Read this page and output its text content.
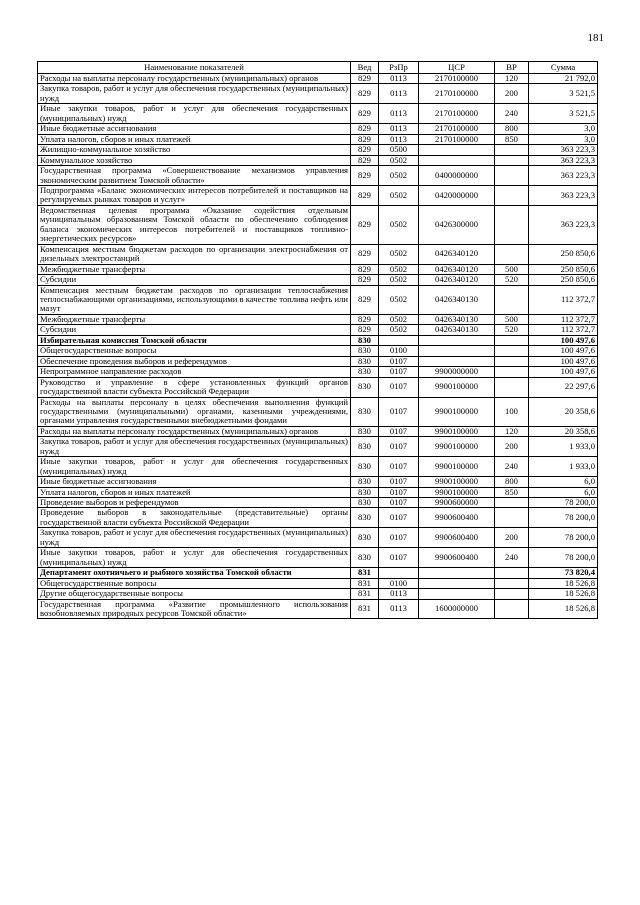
181
Наименование показателей	Вед	РзПр	ЦСР	ВР	Сумма
Расходы на выплаты персоналу государственных (муниципальных) органов	829	0113	2170100000	120	21 792,0
Закупка товаров, работ и услуг для обеспечения государственных (муниципальных) нужд	829	0113	2170100000	200	3 521,5
Иные закупки товаров, работ и услуг для обеспечения государственных (муниципальных) нужд	829	0113	2170100000	240	3 521,5
Иные бюджетные ассигнования	829	0113	2170100000	800	3,0
Уплата налогов, сборов и иных платежей	829	0113	2170100000	850	3,0
Жилищно-коммунальное хозяйство	829	0500			363 223,3
Коммунальное хозяйство	829	0502			363 223,3
Государственная программа «Совершенствование механизмов управления экономическим развитием Томской области»	829	0502	0400000000		363 223,3
Подпрограмма «Баланс экономических интересов потребителей и поставщиков на регулируемых рынках товаров и услуг»	829	0502	0420000000		363 223,3
Ведомственная целевая программа «Оказание содействия отдельным муниципальным образованиям Томской области по обеспечению соблюдения баланса экономических интересов потребителей и поставщиков топливно-энергетических ресурсов»	829	0502	0426300000		363 223,3
Компенсация местным бюджетам расходов по организации электроснабжения от дизельных электростанций	829	0502	0426340120		250 850,6
Межбюджетные трансферты	829	0502	0426340120	500	250 850,6
Субсидии	829	0502	0426340120	520	250 850,6
Компенсация местным бюджетам расходов по организации теплоснабжения теплоснабжающими организациями, использующими в качестве топлива нефть или мазут	829	0502	0426340130		112 372,7
Межбюджетные трансферты	829	0502	0426340130	500	112 372,7
Субсидии	829	0502	0426340130	520	112 372,7
Избирательная комиссия Томской области	830				100 497,6
Общегосударственные вопросы	830	0100			100 497,6
Обеспечение проведения выборов и референдумов	830	0107			100 497,6
Непрограммное направление расходов	830	0107	9900000000		100 497,6
Руководство и управление в сфере установленных функций органов государственной власти субъекта Российской Федерации	830	0107	9900100000		22 297,6
Расходы на выплаты персоналу в целях обеспечения выполнения функций государственными (муниципальными) органами, казенными учреждениями, органами управления государственными внебюджетными фондами	830	0107	9900100000	100	20 358,6
Расходы на выплаты персоналу государственных (муниципальных) органов	830	0107	9900100000	120	20 358,6
Закупка товаров, работ и услуг для обеспечения государственных (муниципальных) нужд	830	0107	9900100000	200	1 933,0
Иные закупки товаров, работ и услуг для обеспечения государственных (муниципальных) нужд	830	0107	9900100000	240	1 933,0
Иные бюджетные ассигнования	830	0107	9900100000	800	6,0
Уплата налогов, сборов и иных платежей	830	0107	9900100000	850	6,0
Проведение выборов и референдумов	830	0107	9900600000		78 200,0
Проведение выборов в законодательные (представительные) органы государственной власти субъекта Российской Федерации	830	0107	9900600400		78 200,0
Закупка товаров, работ и услуг для обеспечения государственных (муниципальных) нужд	830	0107	9900600400	200	78 200,0
Иные закупки товаров, работ и услуг для обеспечения государственных (муниципальных) нужд	830	0107	9900600400	240	78 200,0
Департамент охотничьего и рыбного хозяйства Томской области	831				73 820,4
Общегосударственные вопросы	831	0100			18 526,8
Другие общегосударственные вопросы	831	0113			18 526,8
Государственная программа «Развитие промышленного использования возобновляемых природных ресурсов Томской области»	831	0113	1600000000		18 526,8
